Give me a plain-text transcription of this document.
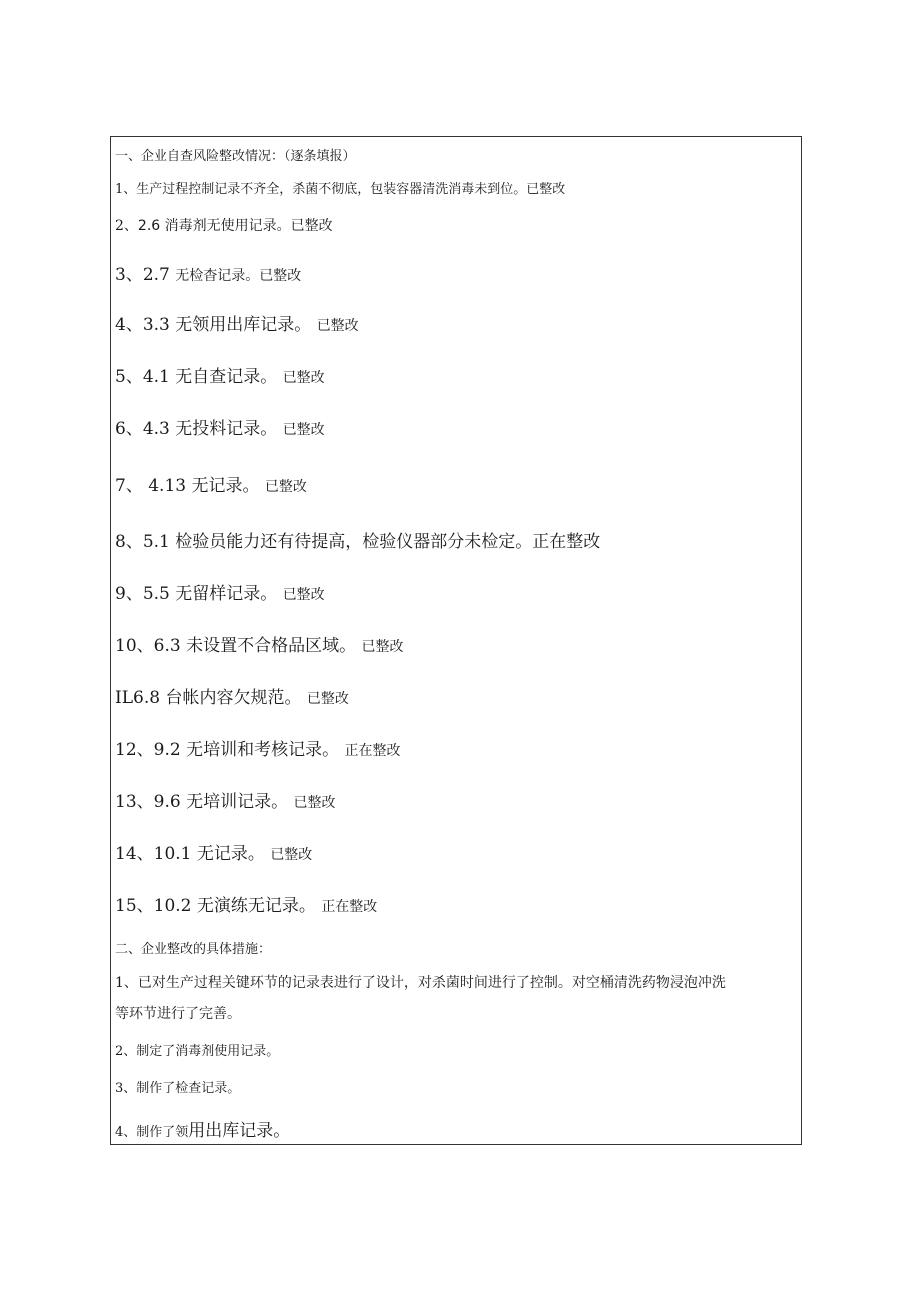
一、企业自查风险整改情况：（逐条填报）
1、生产过程控制记录不齐全，杀菌不彻底，包装容器清洗消毒未到位。已整改
2、2.6 消毒剂无使用记录。已整改
3、2.7 无检杳记录。已整改
4、3.3 无领用出库记录。 已整改
5、4.1 无自查记录。 已整改
6、4.3 无投料记录。 已整改
7、 4.13 无记录。 已整改
8、5.1 检验员能力还有待提高，检验仪器部分未检定。正在整改
9、5.5 无留样记录。 已整改
10、6.3 未设置不合格品区域。 已整改
IL6.8 台帐内容欠规范。 已整改
12、9.2 无培训和考核记录。 正在整改
13、9.6 无培训记录。 已整改
14、10.1 无记录。 已整改
15、10.2 无演练无记录。 正在整改
二、企业整改的具体措施：
1、已对生产过程关键环节的记录表进行了设计，对杀菌时间进行了控制。对空桶清洗药物浸泡冲洗
等环节进行了完善。
2、制定了消毒剂使用记录。
3、制作了检查记录。
4、制作了领用出库记录。
